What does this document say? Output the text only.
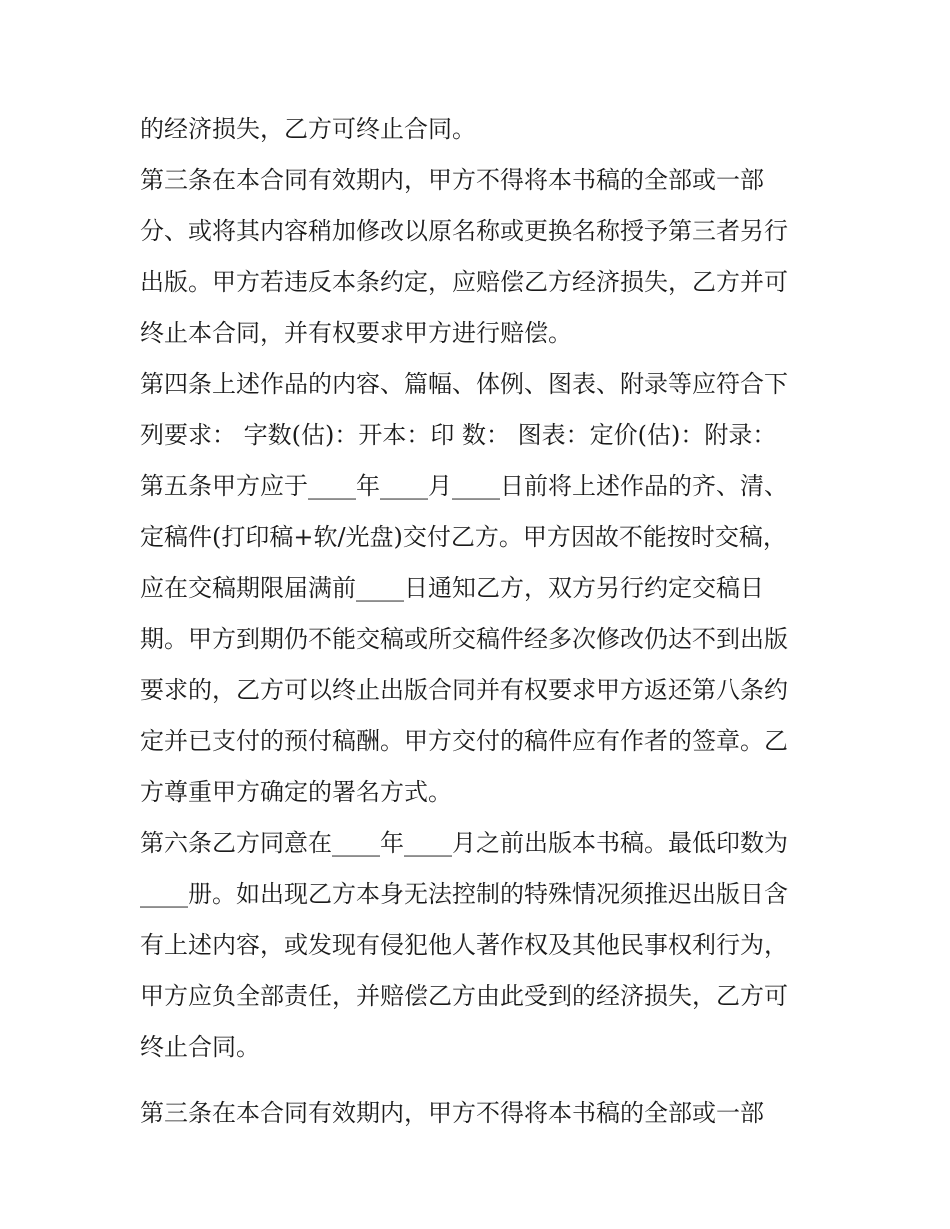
的经济损失，乙方可终止合同。
第三条在本合同有效期内，甲方不得将本书稿的全部或一部
分、或将其内容稍加修改以原名称或更换名称授予第三者另行
出版。甲方若违反本条约定，应赔偿乙方经济损失，乙方并可
终止本合同，并有权要求甲方进行赔偿。
第四条上述作品的内容、篇幅、体例、图表、附录等应符合下
列要求： 字数(估)：开本：印 数： 图表：定价(估)：附录：
第五条甲方应于____年____月____日前将上述作品的齐、清、
定稿件(打印稿+软/光盘)交付乙方。甲方因故不能按时交稿，
应在交稿期限届满前____日通知乙方，双方另行约定交稿日
期。甲方到期仍不能交稿或所交稿件经多次修改仍达不到出版
要求的，乙方可以终止出版合同并有权要求甲方返还第八条约
定并已支付的预付稿酬。甲方交付的稿件应有作者的签章。乙
方尊重甲方确定的署名方式。
第六条乙方同意在____年____月之前出版本书稿。最低印数为
____册。如出现乙方本身无法控制的特殊情况须推迟出版日含
有上述内容，或发现有侵犯他人著作权及其他民事权利行为，
甲方应负全部责任，并赔偿乙方由此受到的经济损失，乙方可
终止合同。
第三条在本合同有效期内，甲方不得将本书稿的全部或一部
